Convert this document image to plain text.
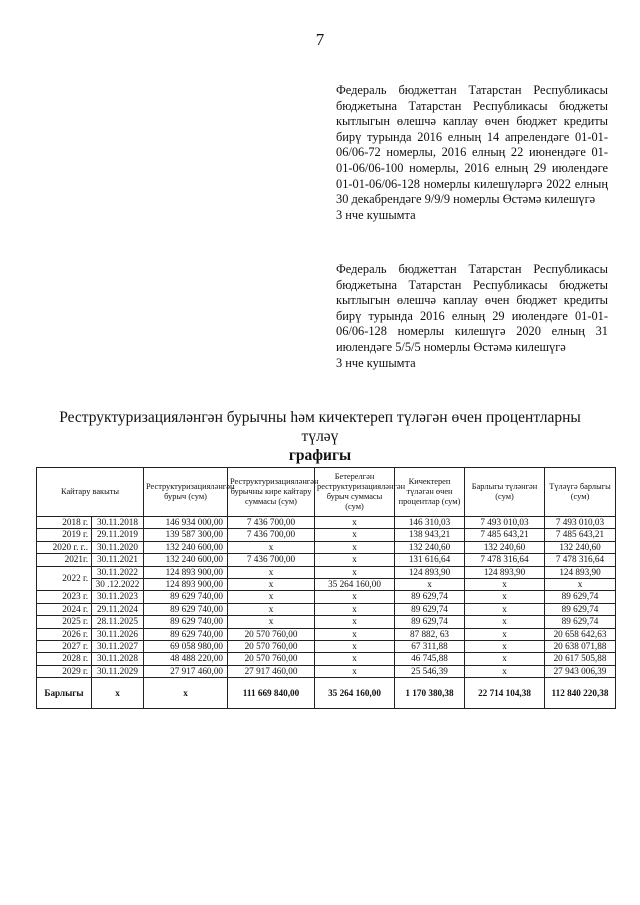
7

Федераль бюджеттан Татарстан Республикасы бюджетына Татарстан Республикасы бюджеты кытлыгын өлешчә каплау өчен бюджет кредиты бирү турында 2016 елның 14 апрелендәге 01-01-06/06-72 номерлы, 2016 елның 22 июнендәге 01-01-06/06-100 номерлы, 2016 елның 29 июлендәге 01-01-06/06-128 номерлы килешүләргә 2022 елның 30 декабрендәге 9/9/9 номерлы Өстәмә килешүгә

3 нче кушымта

Федераль бюджеттан Татарстан Республикасы бюджетына Татарстан Республикасы бюджеты кытлыгын өлешчә каплау өчен бюджет кредиты бирү турында 2016 елның 29 июлендәге 01-01-06/06-128 номерлы килешүгә 2020 елның 31 июлендәге 5/5/5 номерлы Өстәмә килешүгә

3 нче кушымта

Реструктуризацияләнгән бурычны һәм кичектереп түләгән өчен процентларны
түләү
графигы
Кайтару вакыты		Реструктуризацияләнгән бурыч (сум)	Реструктуризацияләнгән бурычны кире кайтару суммасы (сум)	Бетерелгән реструктуризацияләнгән бурыч суммасы (сум)	Кичектереп түләгән өчен процентлар (сум)	Барлыгы түләнгән (сум)	Түләүгә барлыгы (сум)
2018 г.	30.11.2018	146 934 000,00	7 436 700,00	x	146 310,03	7 493 010,03	7 493 010,03
2019 г.	29.11.2019	139 587 300,00	7 436 700,00	x	138 943,21	7 485 643,21	7 485 643,21
2020 г. г..	30.11.2020	132 240 600,00	x	x	132 240,60	132 240,60	132 240,60
2021г.	30.11.2021	132 240 600,00	7 436 700,00	x	131 616,64	7 478 316,64	7 478 316,64
2022 г.	30.11.2022	124 893 900,00	x	x	124 893,90	124 893,90	124 893,90
	30 .12.2022	124 893 900,00	x	35 264 160,00	x	x	x
2023 г.	30.11.2023	89 629 740,00	x	x	89 629,74	x	89 629,74
2024 г.	29.11.2024	89 629 740,00	x	x	89 629,74	x	89 629,74
2025 г.	28.11.2025	89 629 740,00	x	x	89 629,74	x	89 629,74
2026 г.	30.11.2026	89 629 740,00	20 570 760,00	x	87 882, 63	x	20 658 642,63
2027 г.	30.11.2027	69 058 980,00	20 570 760,00	x	67 311,88	x	20 638 071,88
2028 г.	30.11.2028	48 488 220,00	20 570 760,00	x	46 745,88	x	20 617 505,88
2029 г.	30.11.2029	27 917 460,00	27 917 460,00	x	25 546,39	x	27 943 006,39
Барлыгы	x	x	111 669 840,00	35 264 160,00	1 170 380,38	22 714 104,38	112 840 220,38
